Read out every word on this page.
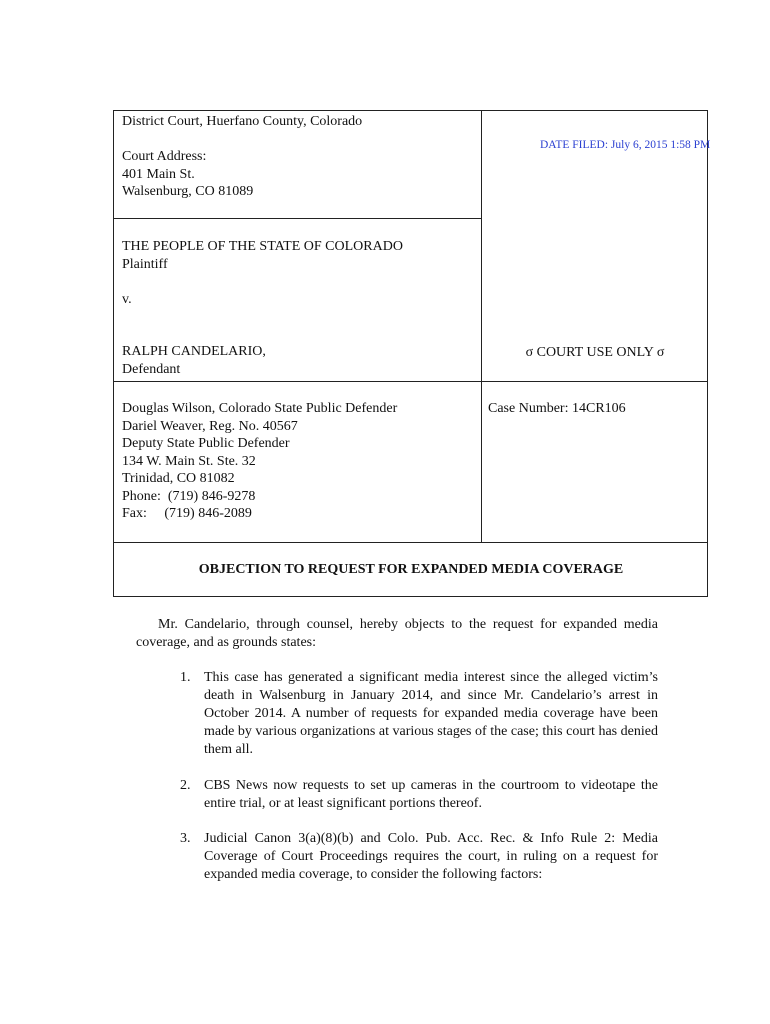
District Court, Huerfano County, Colorado
Court Address:
401 Main St.
Walsenburg, CO 81089
THE PEOPLE OF THE STATE OF COLORADO
Plaintiff
v.
RALPH CANDELARIO,
Defendant
σ COURT USE ONLY σ
Douglas Wilson, Colorado State Public Defender
Dariel Weaver, Reg. No. 40567
Deputy State Public Defender
134 W. Main St. Ste. 32
Trinidad, CO 81082
Phone:  (719) 846-9278
Fax:     (719) 846-2089
Case Number: 14CR106
OBJECTION TO REQUEST FOR EXPANDED MEDIA COVERAGE
DATE FILED: July 6, 2015 1:58 PM
Mr. Candelario, through counsel, hereby objects to the request for expanded media coverage, and as grounds states:
1. This case has generated a significant media interest since the alleged victim’s death in Walsenburg in January 2014, and since Mr. Candelario’s arrest in October 2014. A number of requests for expanded media coverage have been made by various organizations at various stages of the case; this court has denied them all.
2. CBS News now requests to set up cameras in the courtroom to videotape the entire trial, or at least significant portions thereof.
3. Judicial Canon 3(a)(8)(b) and Colo. Pub. Acc. Rec. & Info Rule 2: Media Coverage of Court Proceedings requires the court, in ruling on a request for expanded media coverage, to consider the following factors:
